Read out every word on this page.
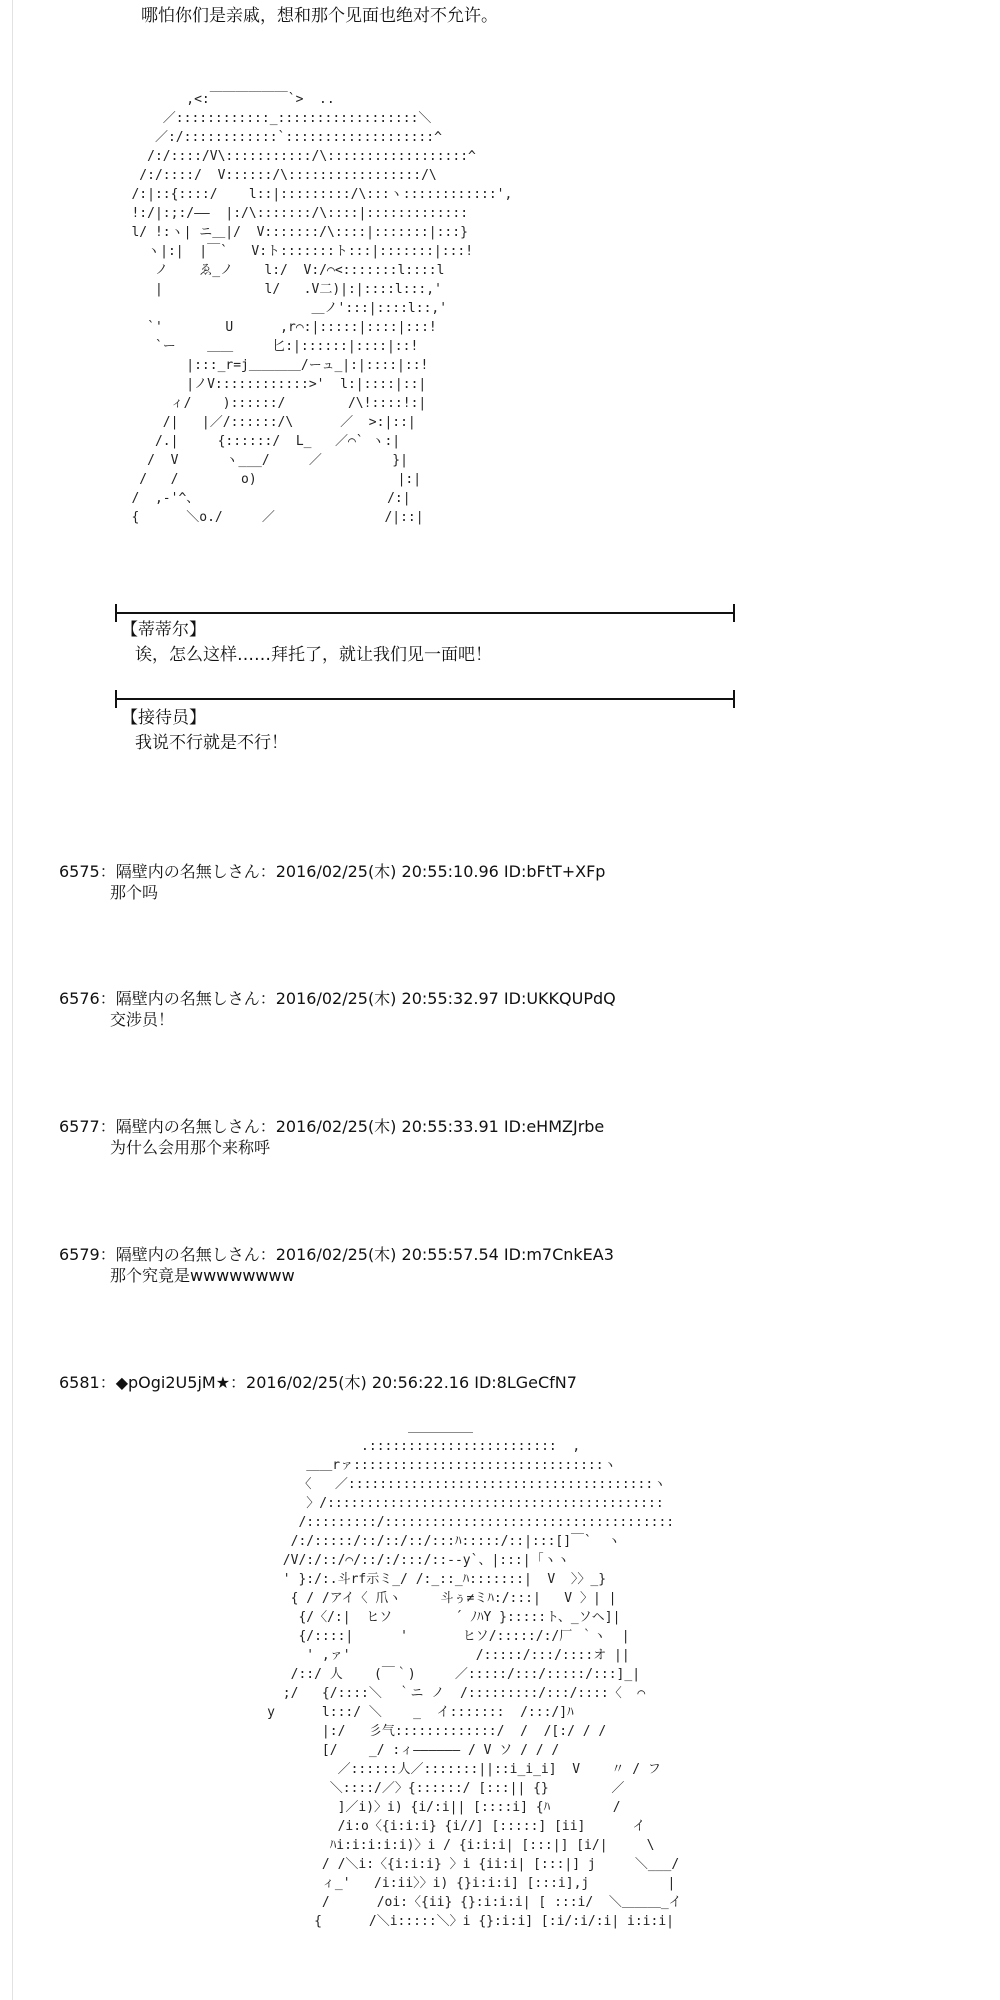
哪怕你们是亲戚，想和那个见面也绝对不允许。
,<:￣￣￣￣￣￣`>  ..
／::::::::::::_::::::::::::::::::＼
／:/::::::::::::`:::::::::::::::::::^
/:/::::/V\:::::::::::/\::::::::::::::::::^
/:/::::/  V::::::/\:::::::::::::::::/\
/:|::{::::/    l::|:::::::::/\:::ヽ::::::::::::',
!:/|:;:/——  |:/\:::::::/\::::|:::::::::::::
l/ !:ヽ| ニ＿|/  V:::::::/\::::|:::::::|:::}
ヽ|:|  |￣`   V:ト:::::::ト:::|:::::::|:::!
ノ    ゑ_ノ    l:/  V:/⌒<:::::::l::::l
|             l/   .V二)|:|::::l:::,'
＿ノ':::|::::l::,'
`'        U      ,r⌒:|:::::|::::|:::!
`ー    ＿＿     匕:|::::::|::::|::!
|:::_r=j＿＿＿＿/ーュ_|:|::::|::!
|ノV::::::::::::>'  l:|::::|::|
ィ/    )::::::/        /\!::::!:|
/|   |／/::::::/\      ／  >:|::|
/.|     {::::::/  L_   ／⌒` ヽ:|
/  V      ヽ___/     ／         }|
/   /        o)                  |:|
/  ,-'^、                        /:|
{      ＼o./     ／              /|::|
【蒂蒂尔】
诶，怎么这样……拜托了，就让我们见一面吧！
【接待员】
我说不行就是不行！
6575：隔壁内の名無しさん：2016/02/25(木) 20:55:10.96 ID:bFtT+XFp
那个吗
6576：隔壁内の名無しさん：2016/02/25(木) 20:55:32.97 ID:UKKQUPdQ
交涉员！
6577：隔壁内の名無しさん：2016/02/25(木) 20:55:33.91 ID:eHMZJrbe
为什么会用那个来称呼
6579：隔壁内の名無しさん：2016/02/25(木) 20:55:57.54 ID:m7CnkEA3
那个究竟是wwwwwwww
6581：◆pOgi2U5jM★：2016/02/25(木) 20:56:22.16 ID:8LGeCfN7
＿＿＿＿＿
.::::::::::::::::::::::::  ,
＿＿rァ::::::::::::::::::::::::::::::::ヽ
〈   ／:::::::::::::::::::::::::::::::::::::::ヽ
〉/:::::::::::::::::::::::::::::::::::::::::::
/:::::::::/:::::::::::::::::::::::::::::::::::::
/:/:::::/::/::/::/:::ﾊ:::::/::|:::[]￣`  ヽ
/V/:/::/⌒/::/:/:::/::--y`、|:::|「ヽヽ
' }:/:.斗rf示ミ_/ /:_::_ﾊ:::::::|  V  〉〉_}
{ / /アイ〈 爪ヽ     斗ぅ≠ミﾊ:/:::|   V 〉| |
{/〈/:|  ヒソ        ´ ﾉﾊY }:::::ト、_ソヘ]|
{/::::|      '       ヒソ/:::::/:/厂 ｀ヽ  |
' ,ァ'                /:::::/:::/::::オ ||
/::/ 人    (￣｀)     ／:::::/:::/:::::/:::]_|
;/   {/::::＼  ｀ニ ノ  /:::::::::/:::/::::〈  ⌒
y      l:::/ ＼    _  イ:::::::  /:::/]ﾊ
|:/   彡气:::::::::::::/  /  /[:/ / /
[/    _/ :ィ―――――― / V ソ / / /
／::::::人／:::::::||::i_i_i]  V    〃 / フ
＼::::/／〉{::::::/ [:::|| {}        ／
]／i)〉i) {i/:i|| [::::i] {ﾊ        /
/i:o〈{i:i:i} {i//] [:::::] [ii]      イ
ﾊi:i:i:i:i)〉i / {i:i:i| [:::|] [i/|     \
/ /＼i:〈{i:i:i} 〉i {ii:i| [:::|] j     ＼___/
ィ_'   /i:ii〉〉i) {}i:i:i] [:::i],j          |
/      /oi:〈{ii} {}:i:i:i| [ :::i/  ＼＿＿＿_イ
{      /＼i:::::＼〉i {}:i:i] [:i/:i/:i| i:i:i|
